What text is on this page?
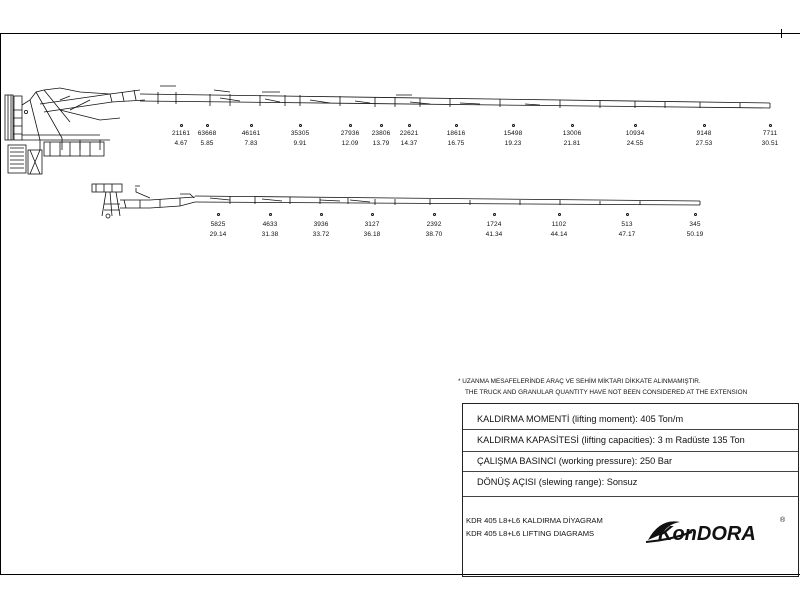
21161
4.67
63668
5.85
46161
7.83
35305
9.91
27936
12.09
23806
13.79
22621
14.37
18616
16.75
15498
19.23
13006
21.81
10934
24.55
9148
27.53
7711
30.51
5825
29.14
4633
31.38
3936
33.72
3127
36.18
2392
38.70
1724
41.34
1102
44.14
513
47.17
345
50.19
* UZANMA MESAFELERİNDE ARAÇ VE SEHİM MİKTARI DİKKATE ALINMAMIŞTIR.
THE TRUCK AND GRANULAR QUANTITY HAVE NOT BEEN CONSIDERED AT THE EXTENSION
KALDIRMA MOMENTİ (lifting moment): 405 Ton/m
KALDIRMA KAPASİTESİ (lifting capacities): 3 m Radüste 135 Ton
ÇALIŞMA BASINCI (working pressure): 250 Bar
DÖNÜŞ AÇISI (slewing range): Sonsuz
KDR 405 L8+L6 KALDIRMA DİYAGRAM
KDR 405 L8+L6 LIFTING DIAGRAMS	KonDORA
®
